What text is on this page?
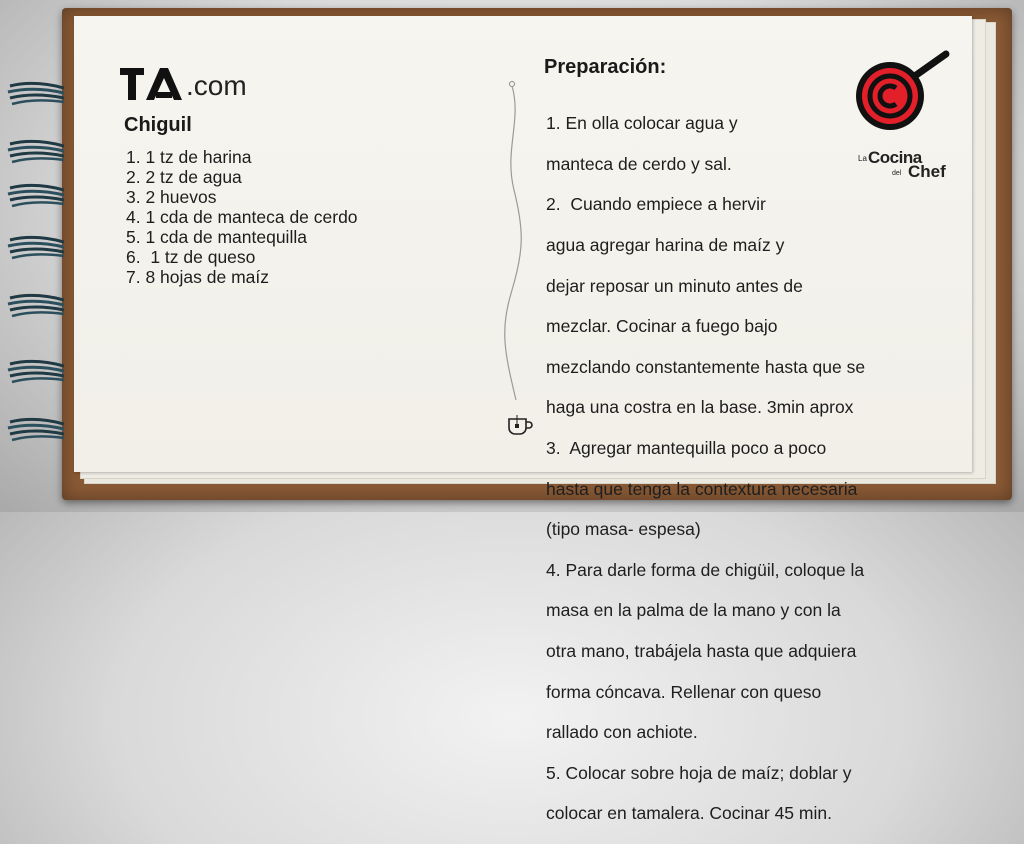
.com
Chiguil
1. 1 tz de harina
2. 2 tz de agua
3. 2 huevos
4. 1 cda de manteca de cerdo
5. 1 cda de mantequilla
6.  1 tz de queso
7. 8 hojas de maíz
Preparación:

1. En olla colocar agua y

manteca de cerdo y sal.

2.  Cuando empiece a hervir

agua agregar harina de maíz y

dejar reposar un minuto antes de

mezclar. Cocinar a fuego bajo

mezclando constantemente hasta que se

haga una costra en la base. 3min aprox

3.  Agregar mantequilla poco a poco

hasta que tenga la contextura necesaria

(tipo masa- espesa)

4. Para darle forma de chigüil, coloque la

masa en la palma de la mano y con la

otra mano, trabájela hasta que adquiera

forma cóncava. Rellenar con queso

rallado con achiote.

5. Colocar sobre hoja de maíz; doblar y

colocar en tamalera. Cocinar 45 min.

La Cocina
del Chef
